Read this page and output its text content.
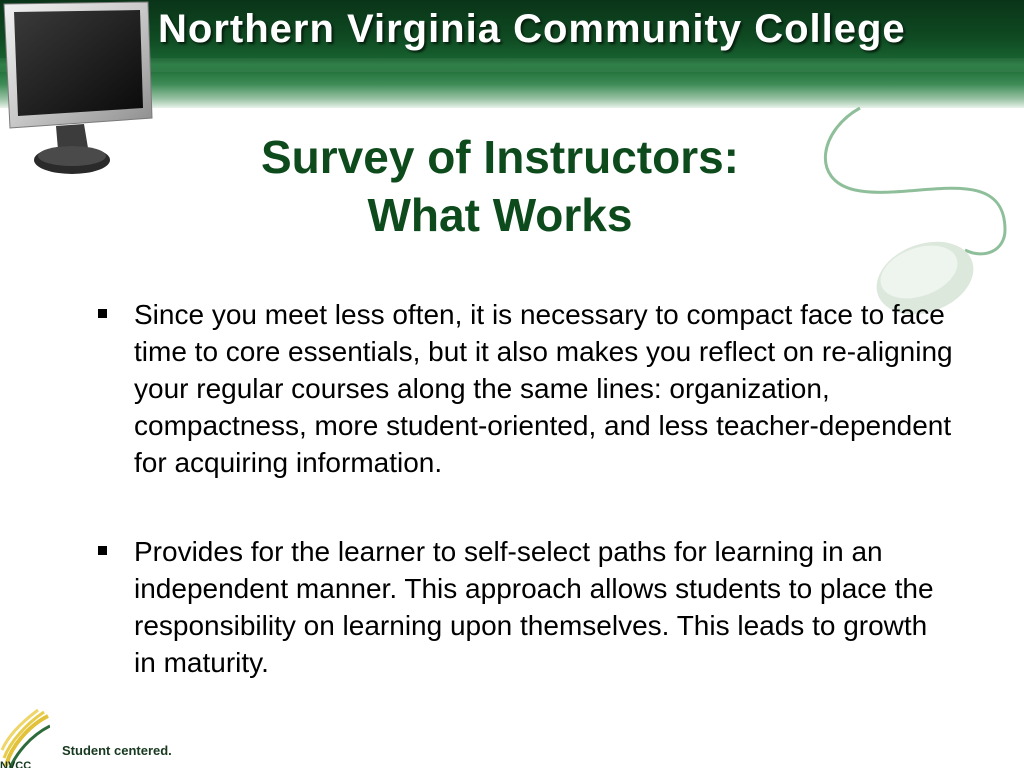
Northern Virginia Community College
Survey of Instructors:
What Works
Since you meet less often, it is necessary to compact face to face time to core essentials, but it also makes you reflect on re-aligning your regular courses along the same lines: organization, compactness, more student-oriented, and less teacher-dependent for acquiring information.
Provides for the learner to self-select paths for learning in an independent manner. This approach allows students to place the responsibility on learning upon themselves. This leads to growth in maturity.
Student centered.
NVCC
